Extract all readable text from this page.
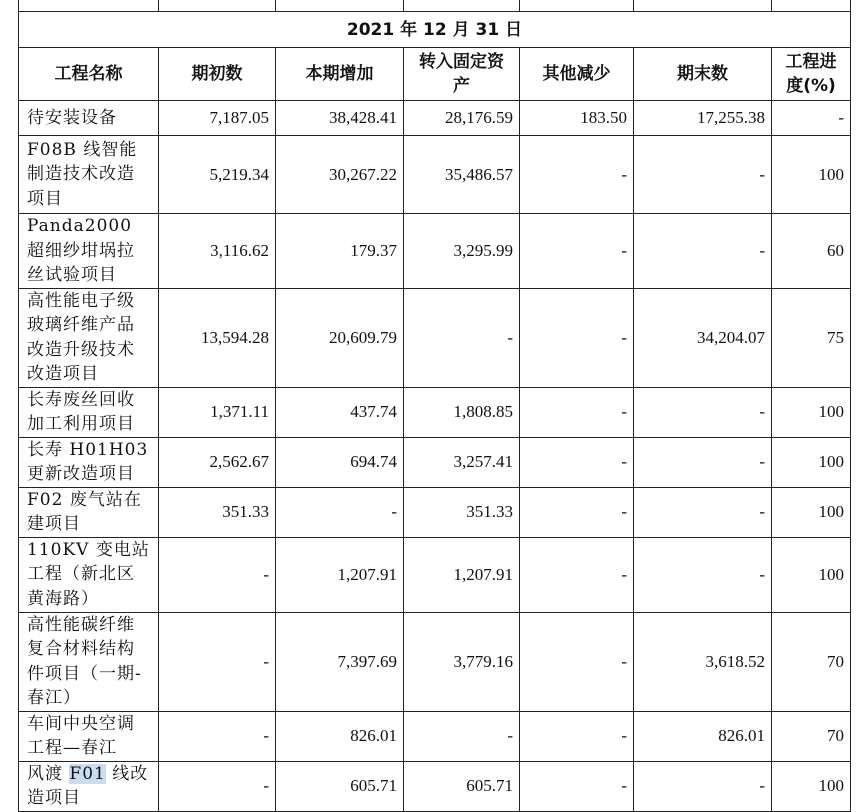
2021 年 12 月 31 日						
工程名称	期初数	本期增加	转入固定资产	其他减少	期末数	工程进度(%)
待安装设备	7,187.05	38,428.41	28,176.59	183.50	17,255.38	-
F08B 线智能制造技术改造项目	5,219.34	30,267.22	35,486.57	-	-	100
Panda2000 超细纱坩埚拉丝试验项目	3,116.62	179.37	3,295.99	-	-	60
高性能电子级玻璃纤维产品改造升级技术改造项目	13,594.28	20,609.79	-	-	34,204.07	75
长寿废丝回收加工利用项目	1,371.11	437.74	1,808.85	-	-	100
长寿 H01H03 更新改造项目	2,562.67	694.74	3,257.41	-	-	100
F02 废气站在建项目	351.33	-	351.33	-	-	100
110KV 变电站工程（新北区黄海路）	-	1,207.91	1,207.91	-	-	100
高性能碳纤维复合材料结构件项目（一期-春江）	-	7,397.69	3,779.16	-	3,618.52	70
车间中央空调工程—春江	-	826.01	-	-	826.01	70
风渡 F01 线改造项目	-	605.71	605.71	-	-	100
